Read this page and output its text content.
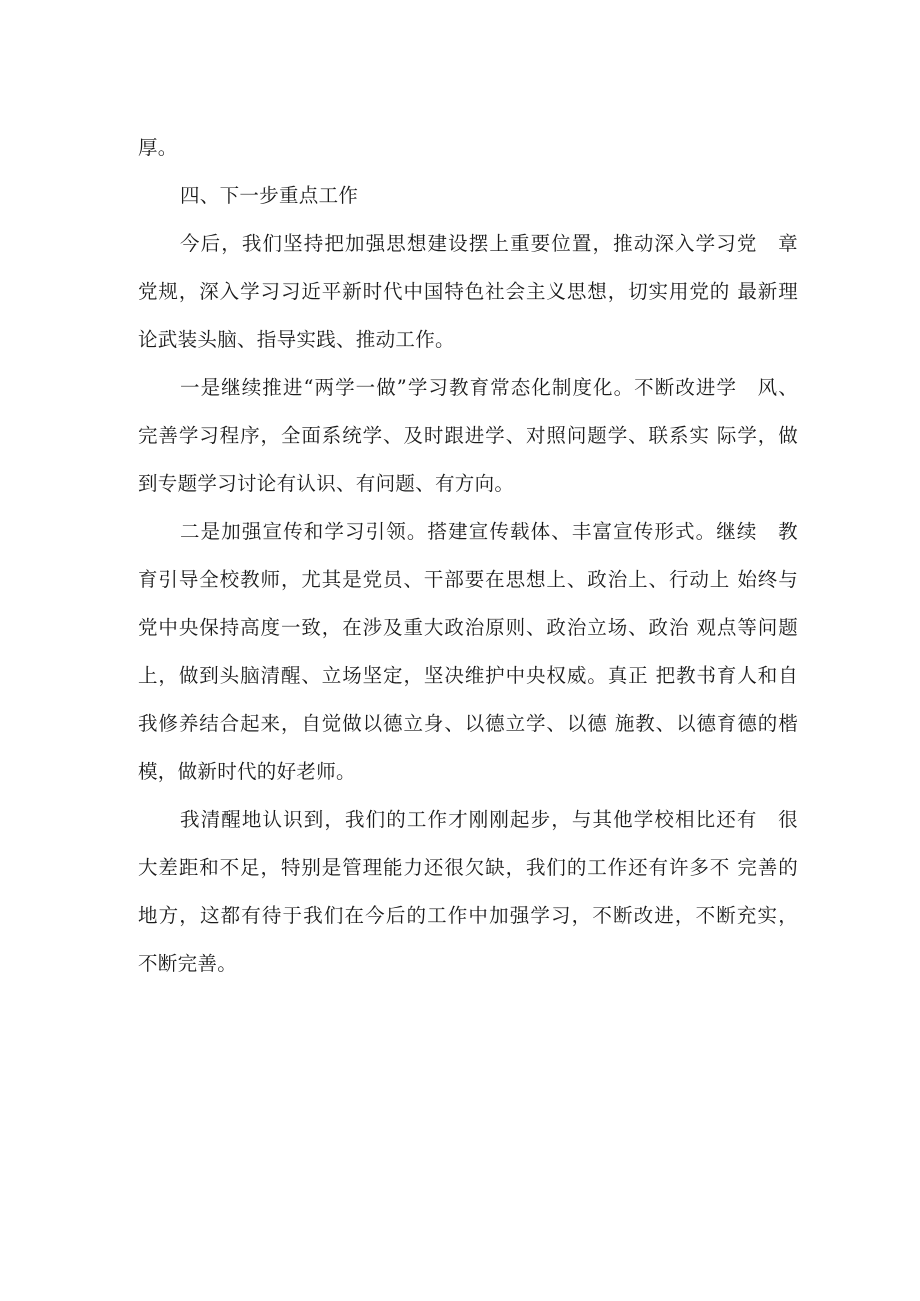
厚。
四、下一步重点工作
今后，我们坚持把加强思想建设摆上重要位置，推动深入学习党　章
党规，深入学习习近平新时代中国特色社会主义思想，切实用党的 最新理
论武装头脑、指导实践、推动工作。
一是继续推进“两学一做”学习教育常态化制度化。不断改进学　风、
完善学习程序，全面系统学、及时跟进学、对照问题学、联系实 际学，做
到专题学习讨论有认识、有问题、有方向。
二是加强宣传和学习引领。搭建宣传载体、丰富宣传形式。继续　教
育引导全校教师，尤其是党员、干部要在思想上、政治上、行动上 始终与
党中央保持高度一致，在涉及重大政治原则、政治立场、政治 观点等问题
上，做到头脑清醒、立场坚定，坚决维护中央权威。真正 把教书育人和自
我修养结合起来，自觉做以德立身、以德立学、以德 施教、以德育德的楷
模，做新时代的好老师。
我清醒地认识到，我们的工作才刚刚起步，与其他学校相比还有　很
大差距和不足，特别是管理能力还很欠缺，我们的工作还有许多不 完善的
地方，这都有待于我们在今后的工作中加强学习，不断改进，不断充实，
不断完善。
